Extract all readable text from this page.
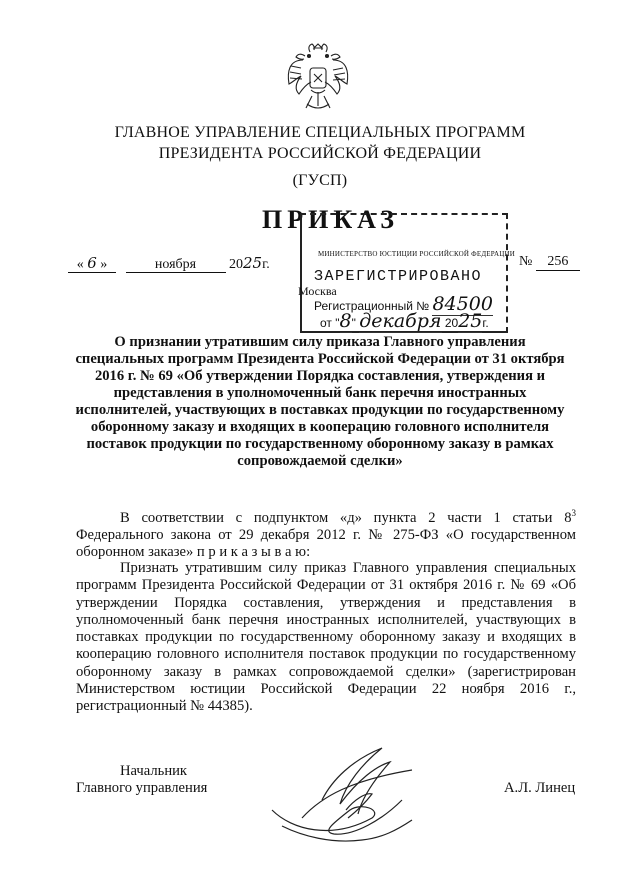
ГЛАВНОЕ УПРАВЛЕНИЕ СПЕЦИАЛЬНЫХ ПРОГРАММ
ПРЕЗИДЕНТА РОССИЙСКОЙ ФЕДЕРАЦИИ
(ГУСП)
ПРИКАЗ
« 6 »	ноября 2025г.	№ 256
МИНИСТЕРСТВО ЮСТИЦИИ РОССИЙСКОЙ ФЕДЕРАЦИИ
ЗАРЕГИСТРИРОВАНО
Москва
Регистрационный № 84500
от "8" декабря 2025г.
О признании утратившим силу приказа Главного управления специальных программ Президента Российской Федерации от 31 октября 2016 г. № 69 «Об утверждении Порядка составления, утверждения и представления в уполномоченный банк перечня иностранных исполнителей, участвующих в поставках продукции по государственному оборонному заказу и входящих в кооперацию головного исполнителя поставок продукции по государственному оборонному заказу в рамках сопровождаемой сделки»
В соответствии с подпунктом «д» пункта 2 части 1 статьи $8^3$ Федерального закона от 29 декабря 2012 г. № 275-ФЗ «О государственном оборонном заказе» п р и к а з ы в а ю:
Признать утратившим силу приказ Главного управления специальных программ Президента Российской Федерации от 31 октября 2016 г. № 69 «Об утверждении Порядка составления, утверждения и представления в уполномоченный банк перечня иностранных исполнителей, участвующих в поставках продукции по государственному оборонному заказу и входящих в кооперацию головного исполнителя поставок продукции по государственному оборонному заказу в рамках сопровождаемой сделки» (зарегистрирован Министерством юстиции Российской Федерации 22 ноября 2016 г., регистрационный № 44385).
Начальник
Главного управления	А.Л. Линец
